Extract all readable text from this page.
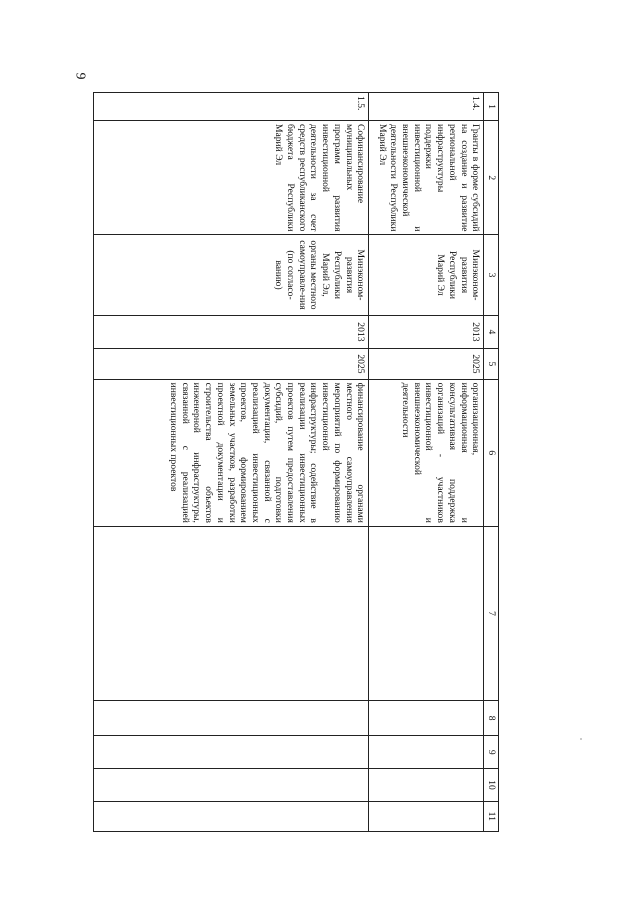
9
1	2	3	4	5	6	7	8	9	10	11
1.4.	Гранты в форме субсидий на создание и развитие региональной инфраструктуры поддержки инвестиционной и внешнеэкономической деятельности Республики Марий Эл	Минэконом-развития Республики Марий Эл	2013	2025	организационная, информационная и консультативная поддержка организаций - участников инвестиционной и внешнеэкономической деятельности					
1.5.	Софинансирование муниципальных программ развития инвестиционной деятельности за счет средств республиканского бюджета Республики Марий Эл	Минэконом-развития Республики Марий Эл, органы местного самоуправле-ния (по согласо-ванию)	2013	2025	финансирование органами местного самоуправления мероприятий по формированию инвестиционной инфраструктуры; содействие в реализации инвестиционных проектов путем предоставления субсидий, подготовки документации, связанной с реализацией инвестиционных проектов, формированием земельных участков, разработки проектной документации и строительства объектов инженерной инфраструктуры, связанной с реализацией инвестиционных проектов					
